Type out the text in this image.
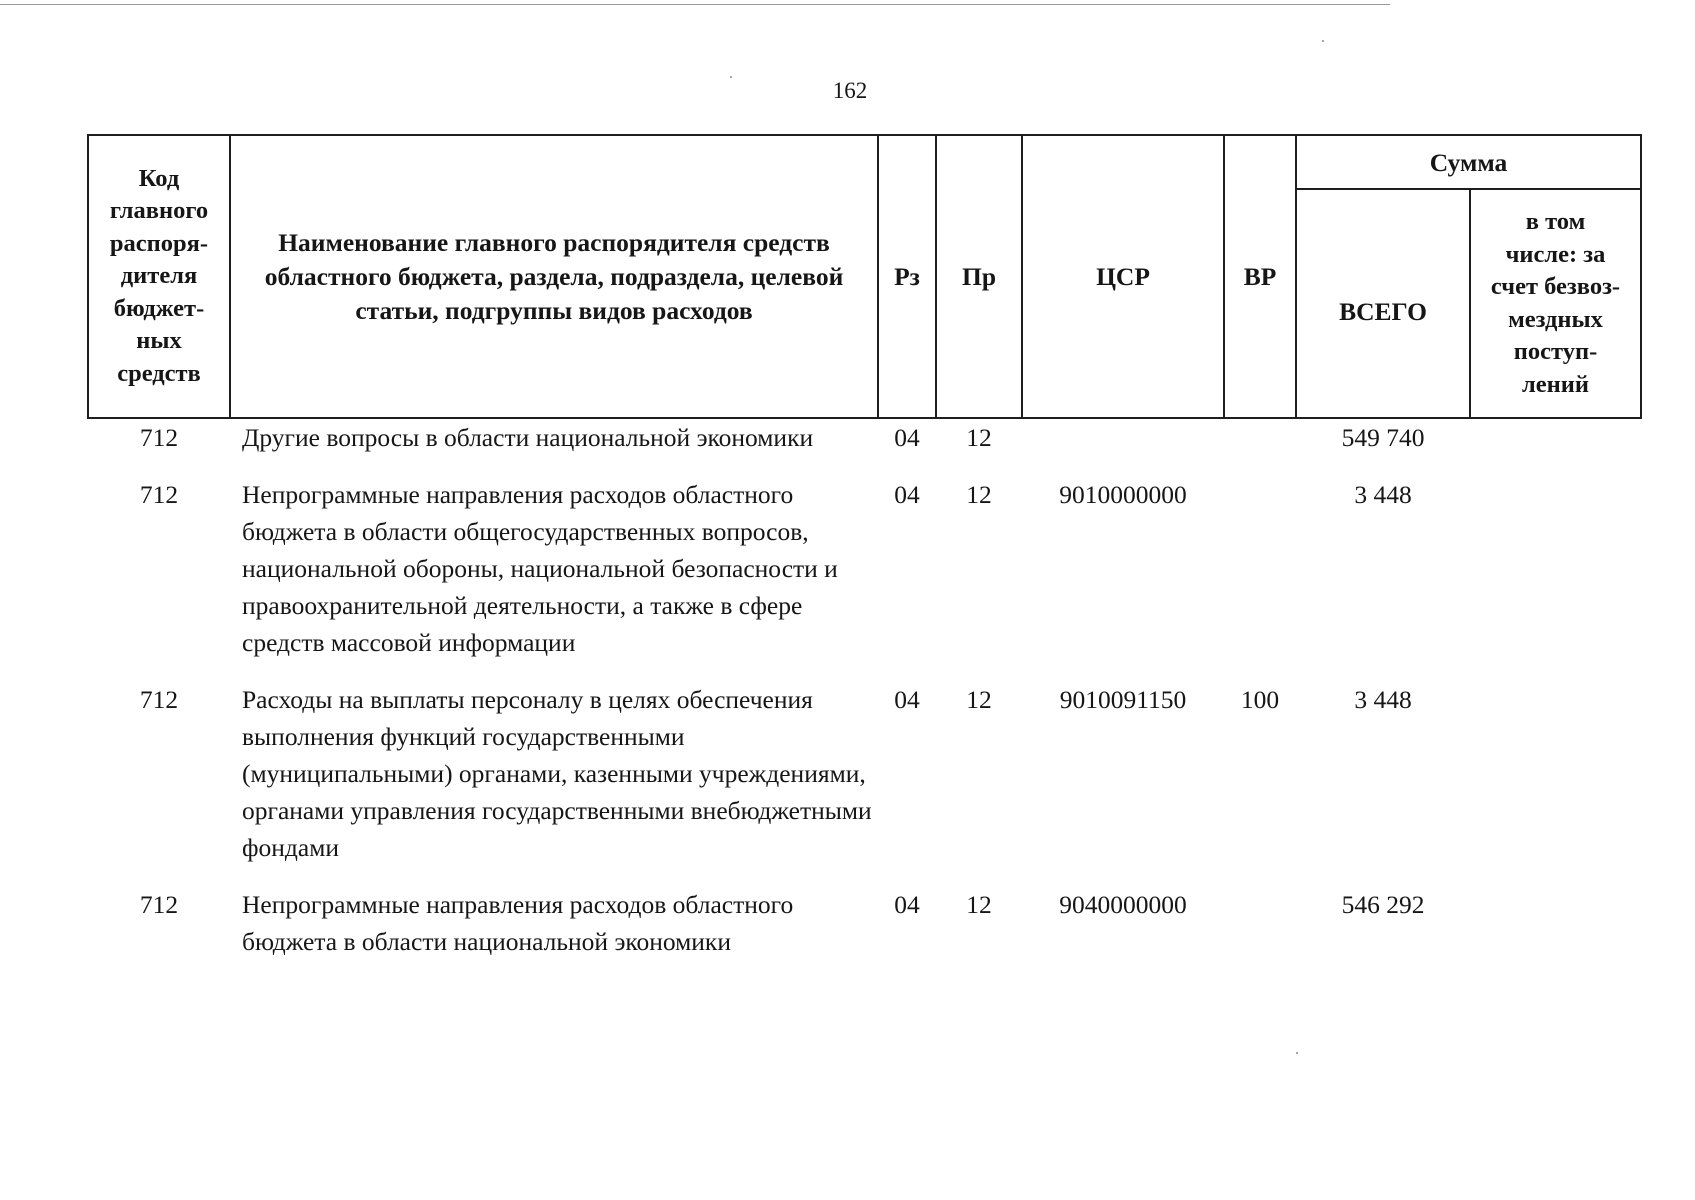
162
Код главного распоря-дителя бюджет-ных средств	Наименование главного распорядителя средств областного бюджета, раздела, подраздела, целевой статьи, подгруппы видов расходов	Рз	Пр	ЦСР	ВР	Сумма	
						ВСЕГО	в том числе: за счет безвоз-мездных поступ-лений

712	Другие вопросы в области национальной экономики	04	12			549 740	
712	Непрограммные направления расходов областного бюджета в области общегосударственных вопросов, национальной обороны, национальной безопасности и правоохранительной деятельности, а также в сфере средств массовой информации	04	12	9010000000		3 448	
712	Расходы на выплаты персоналу в целях обеспечения выполнения функций государственными (муниципальными) органами, казенными учреждениями, органами управления государственными внебюджетными фондами	04	12	9010091150	100	3 448	
712	Непрограммные направления расходов областного бюджета в области национальной экономики	04	12	9040000000		546 292	
